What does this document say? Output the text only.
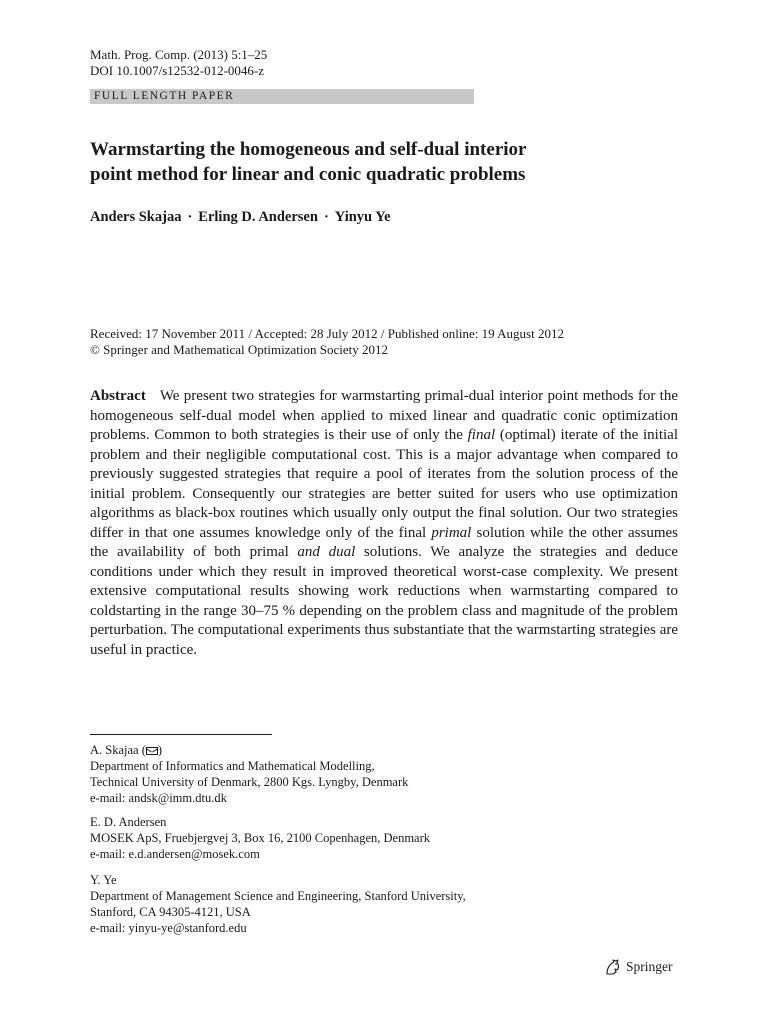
Math. Prog. Comp. (2013) 5:1–25
DOI 10.1007/s12532-012-0046-z
FULL LENGTH PAPER
Warmstarting the homogeneous and self-dual interior
point method for linear and conic quadratic problems
Anders Skajaa · Erling D. Andersen · Yinyu Ye
Received: 17 November 2011 / Accepted: 28 July 2012 / Published online: 19 August 2012
© Springer and Mathematical Optimization Society 2012
Abstract We present two strategies for warmstarting primal-dual interior point methods for the homogeneous self-dual model when applied to mixed linear and quadratic conic optimization problems. Common to both strategies is their use of only the final (optimal) iterate of the initial problem and their negligible computational cost. This is a major advantage when compared to previously suggested strategies that require a pool of iterates from the solution process of the initial problem. Consequently our strategies are better suited for users who use optimization algorithms as black-box routines which usually only output the final solution. Our two strategies differ in that one assumes knowledge only of the final primal solution while the other assumes the availability of both primal and dual solutions. We analyze the strategies and deduce conditions under which they result in improved theoretical worst-case complexity. We present extensive computational results showing work reductions when warmstarting compared to coldstarting in the range 30–75 % depending on the problem class and magnitude of the problem perturbation. The computational experiments thus substantiate that the warmstarting strategies are useful in practice.
A. Skajaa ( )
Department of Informatics and Mathematical Modelling,
Technical University of Denmark, 2800 Kgs. Lyngby, Denmark
e-mail: andsk@imm.dtu.dk
E. D. Andersen
MOSEK ApS, Fruebjergvej 3, Box 16, 2100 Copenhagen, Denmark
e-mail: e.d.andersen@mosek.com
Y. Ye
Department of Management Science and Engineering, Stanford University,
Stanford, CA 94305-4121, USA
e-mail: yinyu-ye@stanford.edu
Springer
